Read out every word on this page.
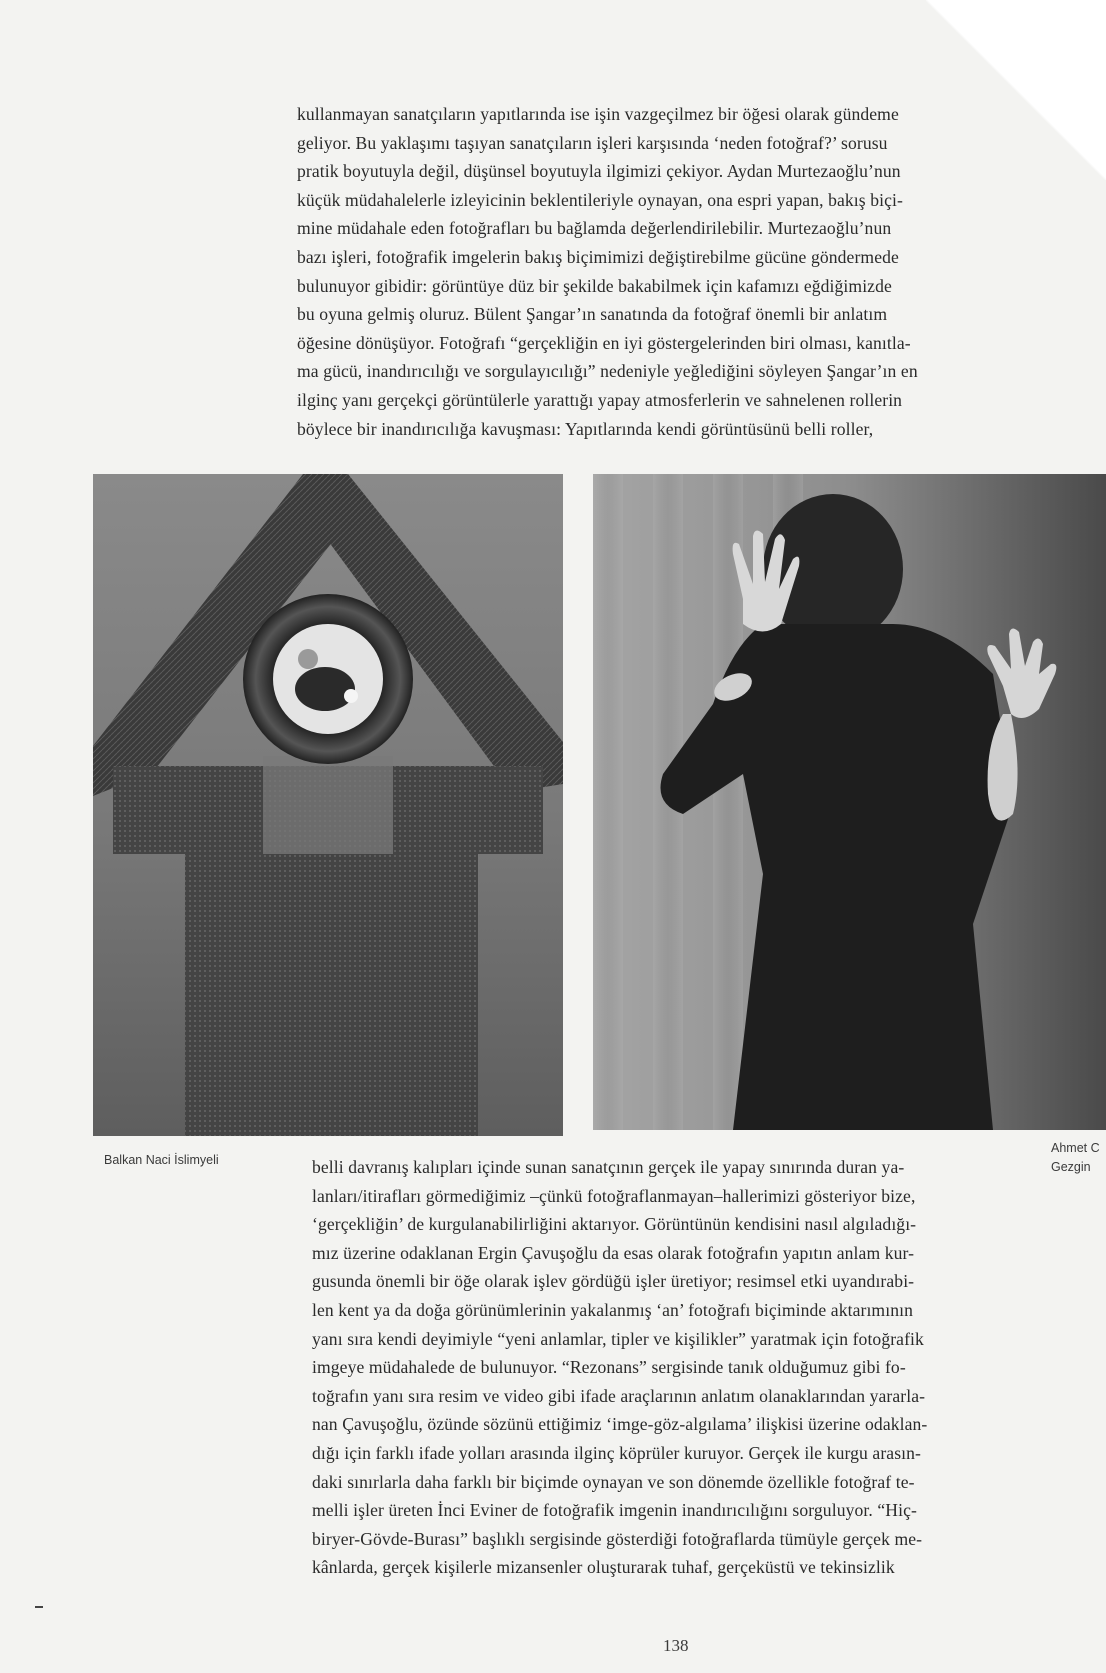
kullanmayan sanatçıların yapıtlarında ise işin vazgeçilmez bir öğesi olarak gündeme
geliyor. Bu yaklaşımı taşıyan sanatçıların işleri karşısında ‘neden fotoğraf?’ sorusu
pratik boyutuyla değil, düşünsel boyutuyla ilgimizi çekiyor. Aydan Murtezaoğlu’nun
küçük müdahalelerle izleyicinin beklentileriyle oynayan, ona espri yapan, bakış biçi-
mine müdahale eden fotoğrafları bu bağlamda değerlendirilebilir. Murtezaoğlu’nun
bazı işleri, fotoğrafik imgelerin bakış biçimimizi değiştirebilme gücüne göndermede
bulunuyor gibidir: görüntüye düz bir şekilde bakabilmek için kafamızı eğdiğimizde
bu oyuna gelmiş oluruz. Bülent Şangar’ın sanatında da fotoğraf önemli bir anlatım
öğesine dönüşüyor. Fotoğrafı “gerçekliğin en iyi göstergelerinden biri olması, kanıtla-
ma gücü, inandırıcılığı ve sorgulayıcılığı” nedeniyle yeğlediğini söyleyen Şangar’ın en
ilginç yanı gerçekçi görüntülerle yarattığı yapay atmosferlerin ve sahnelenen rollerin
böylece bir inandırıcılığa kavuşması: Yapıtlarında kendi görüntüsünü belli roller,
Balkan Naci İslimyeli
Ahmet C
Gezgin
belli davranış kalıpları içinde sunan sanatçının gerçek ile yapay sınırında duran ya-
lanları/itirafları görmediğimiz –çünkü fotoğraflanmayan–hallerimizi gösteriyor bize,
‘gerçekliğin’ de kurgulanabilirliğini aktarıyor. Görüntünün kendisini nasıl algıladığı-
mız üzerine odaklanan Ergin Çavuşoğlu da esas olarak fotoğrafın yapıtın anlam kur-
gusunda önemli bir öğe olarak işlev gördüğü işler üretiyor; resimsel etki uyandırabi-
len kent ya da doğa görünümlerinin yakalanmış ‘an’ fotoğrafı biçiminde aktarımının
yanı sıra kendi deyimiyle “yeni anlamlar, tipler ve kişilikler” yaratmak için fotoğrafik
imgeye müdahalede de bulunuyor. “Rezonans” sergisinde tanık olduğumuz gibi fo-
toğrafın yanı sıra resim ve video gibi ifade araçlarının anlatım olanaklarından yararla-
nan Çavuşoğlu, özünde sözünü ettiğimiz ‘imge-göz-algılama’ ilişkisi üzerine odaklan-
dığı için farklı ifade yolları arasında ilginç köprüler kuruyor. Gerçek ile kurgu arasın-
daki sınırlarla daha farklı bir biçimde oynayan ve son dönemde özellikle fotoğraf te-
melli işler üreten İnci Eviner de fotoğrafik imgenin inandırıcılığını sorguluyor. “Hiç-
biryer-Gövde-Burası” başlıklı sergisinde gösterdiği fotoğraflarda tümüyle gerçek me-
kânlarda, gerçek kişilerle mizansenler oluşturarak tuhaf, gerçeküstü ve tekinsizlik
138
